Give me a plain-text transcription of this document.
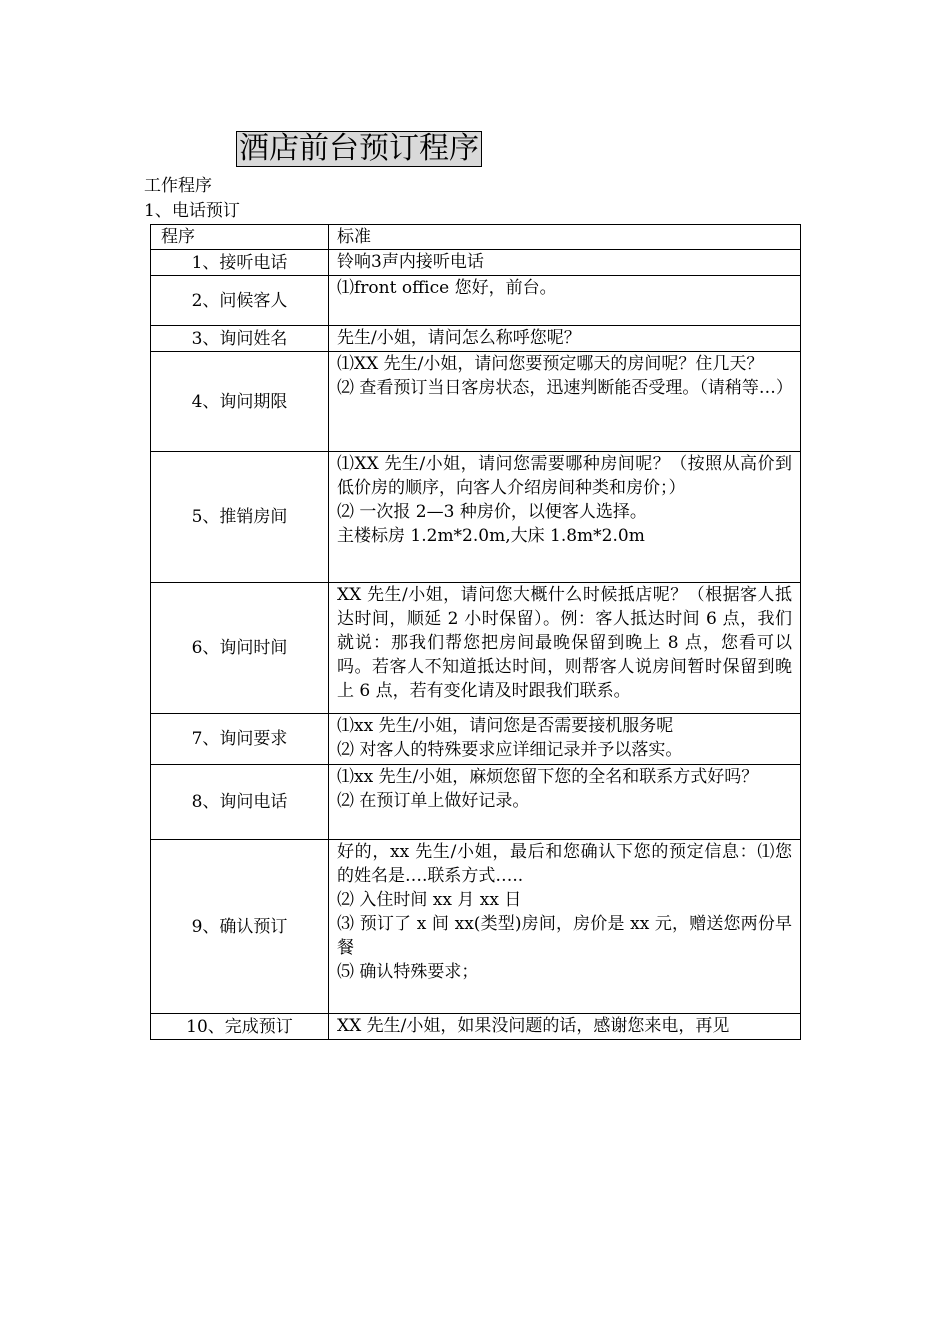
酒店前台预订程序
工作程序
1、电话预订
程序	标准
1、接听电话	铃响3声内接听电话

2、问候客人	⑴front office 您好，前台。

3、询问姓名	先生/小姐，请问怎么称呼您呢？

4、询问期限	⑴XX 先生/小姐，请问您要预定哪天的房间呢？住几天？
⑵ 查看预订当日客房状态，迅速判断能否受理。（请稍等…）

5、推销房间	⑴XX 先生/小姐，请问您需要哪种房间呢？（按照从高价到低价房的顺序，向客人介绍房间种类和房价；）
⑵ 一次报 2—3 种房价，以便客人选择。
主楼标房 1.2m*2.0m,大床 1.8m*2.0m

6、询问时间	XX 先生/小姐，请问您大概什么时候抵店呢？（根据客人抵达时间，顺延 2 小时保留）。例：客人抵达时间 6 点，我们就说：那我们帮您把房间最晚保留到晚上 8 点，您看可以吗。若客人不知道抵达时间，则帮客人说房间暂时保留到晚上 6 点，若有变化请及时跟我们联系。

7、询问要求	⑴xx 先生/小姐，请问您是否需要接机服务呢
⑵ 对客人的特殊要求应详细记录并予以落实。

8、询问电话	⑴xx 先生/小姐，麻烦您留下您的全名和联系方式好吗？
⑵ 在预订单上做好记录。

9、确认预订	好的，xx 先生/小姐，最后和您确认下您的预定信息：⑴您的姓名是….联系方式…..
⑵ 入住时间 xx 月 xx 日
⑶ 预订了 x 间 xx(类型)房间，房价是 xx 元，赠送您两份早餐
⑸ 确认特殊要求；

10、完成预订	XX 先生/小姐，如果没问题的话，感谢您来电，再见
